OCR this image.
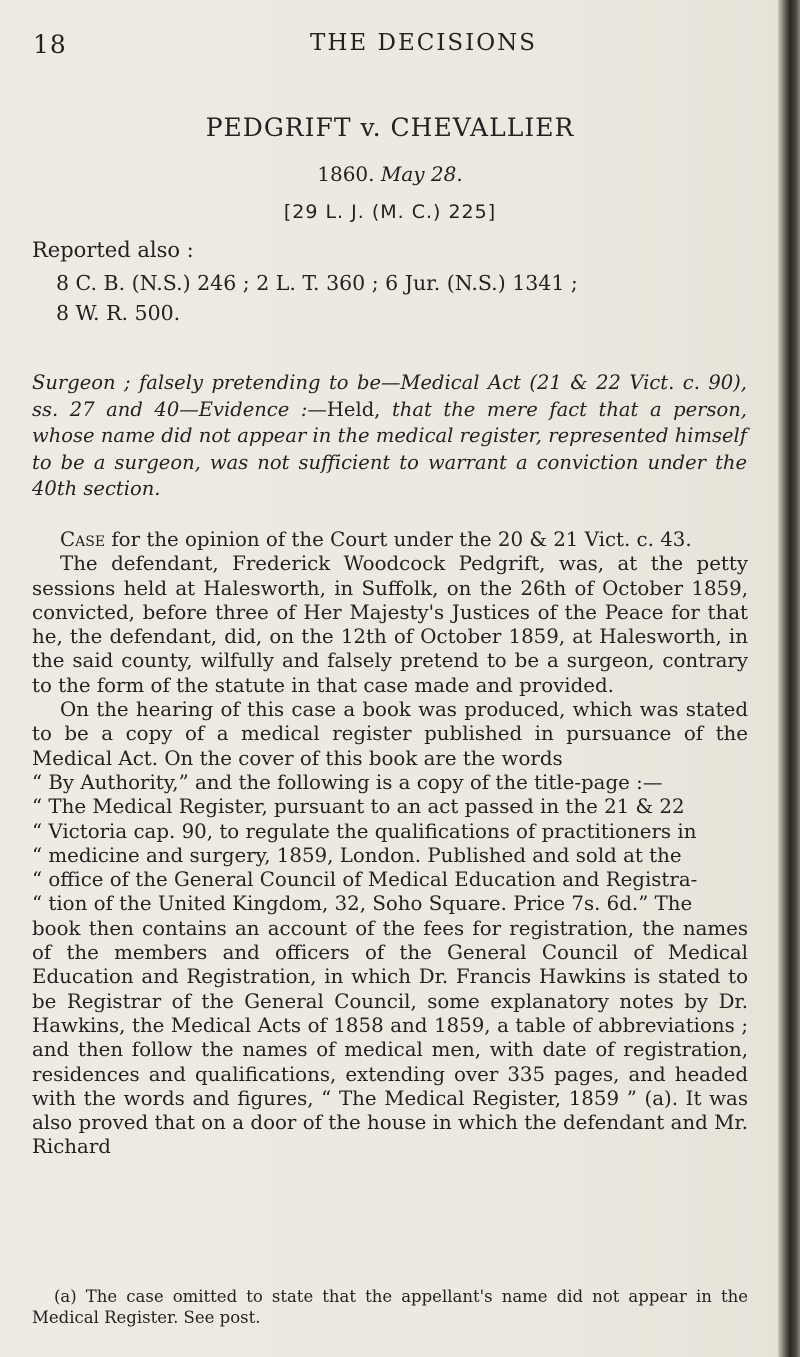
18	THE DECISIONS
PEDGRIFT v. CHEVALLIER
1860. May 28.
[29 L. J. (M. C.) 225]
Reported also :
8 C. B. (N.S.) 246 ; 2 L. T. 360 ; 6 Jur. (N.S.) 1341 ;
8 W. R. 500.
Surgeon ; falsely pretending to be—Medical Act (21 & 22 Vict. c. 90), ss. 27 and 40—Evidence :—Held, that the mere fact that a person, whose name did not appear in the medical register, represented himself to be a surgeon, was not sufficient to warrant a conviction under the 40th section.

Case for the opinion of the Court under the 20 & 21 Vict. c. 43.

The defendant, Frederick Woodcock Pedgrift, was, at the petty sessions held at Halesworth, in Suffolk, on the 26th of October 1859, convicted, before three of Her Majesty's Justices of the Peace for that he, the defendant, did, on the 12th of October 1859, at Halesworth, in the said county, wilfully and falsely pretend to be a surgeon, contrary to the form of the statute in that case made and provided.

On the hearing of this case a book was produced, which was stated to be a copy of a medical register published in pursuance of the Medical Act. On the cover of this book are the words
“ By Authority,” and the following is a copy of the title-page :—
“ The Medical Register, pursuant to an act passed in the 21 & 22
“ Victoria cap. 90, to regulate the qualifications of practitioners in
“ medicine and surgery, 1859, London. Published and sold at the
“ office of the General Council of Medical Education and Registra-
“ tion of the United Kingdom, 32, Soho Square. Price 7s. 6d.” The
book then contains an account of the fees for registration, the names of the members and officers of the General Council of Medical Education and Registration, in which Dr. Francis Hawkins is stated to be Registrar of the General Council, some explanatory notes by Dr. Hawkins, the Medical Acts of 1858 and 1859, a table of abbreviations ; and then follow the names of medical men, with date of registration, residences and qualifications, extending over 335 pages, and headed with the words and figures, “ The Medical Register, 1859 ” (a). It was also proved that on a door of the house in which the defendant and Mr. Richard

(a) The case omitted to state that the appellant's name did not appear in the Medical Register. See post.
